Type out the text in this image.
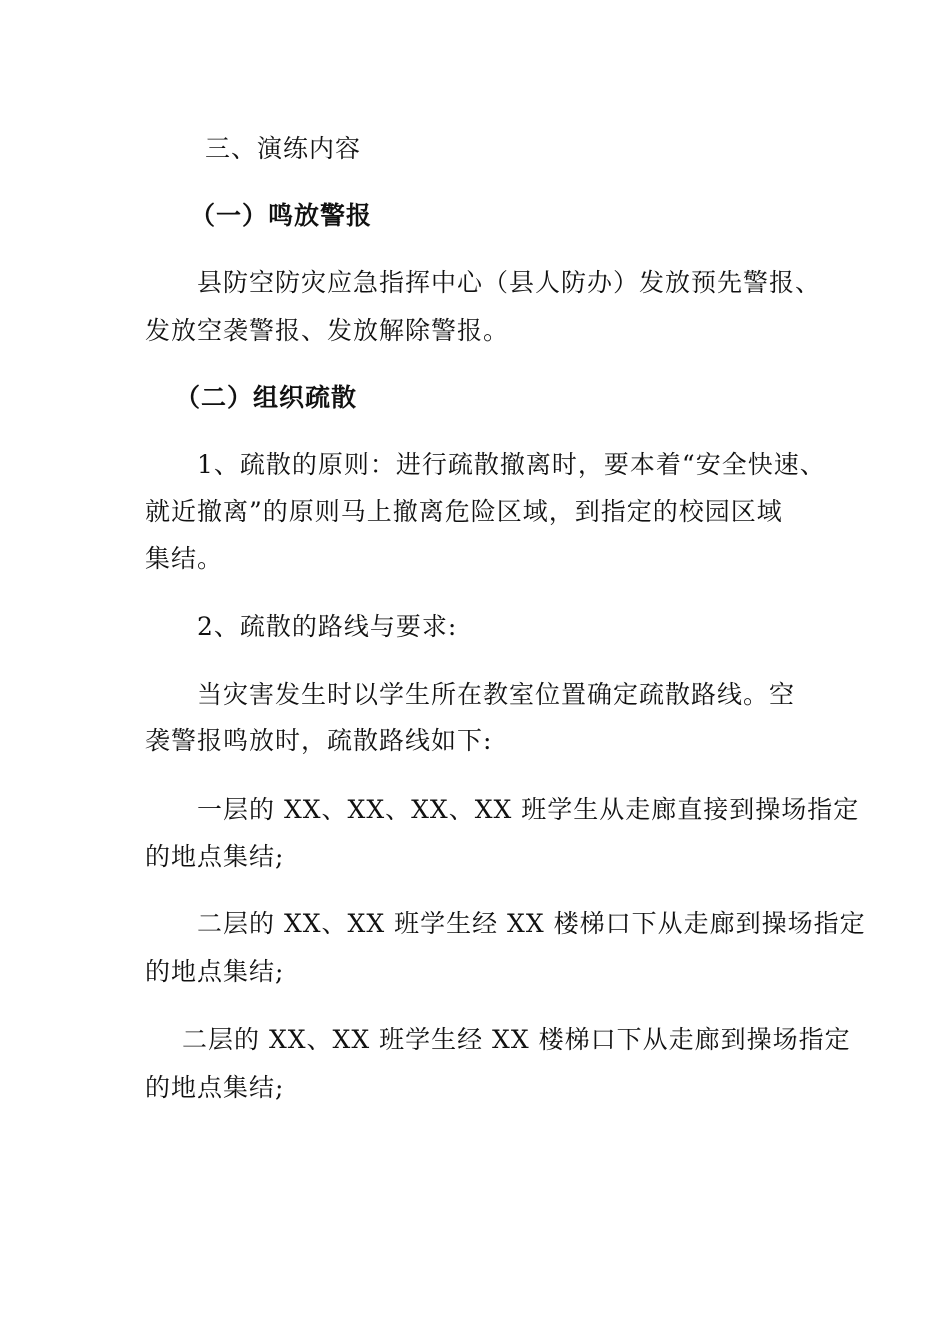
三、演练内容
（一）鸣放警报
县防空防灾应急指挥中心（县人防办）发放预先警报、
发放空袭警报、发放解除警报。
（二）组织疏散
1、疏散的原则：进行疏散撤离时，要本着“安全快速、
就近撤离”的原则马上撤离危险区域，到指定的校园区域
集结。
2、疏散的路线与要求:
当灾害发生时以学生所在教室位置确定疏散路线。空
袭警报鸣放时，疏散路线如下:
一层的 XX、XX、XX、XX 班学生从走廊直接到操场指定
的地点集结;
二层的 XX、XX 班学生经 XX 楼梯口下从走廊到操场指定
的地点集结;
二层的 XX、XX 班学生经 XX 楼梯口下从走廊到操场指定
的地点集结;
